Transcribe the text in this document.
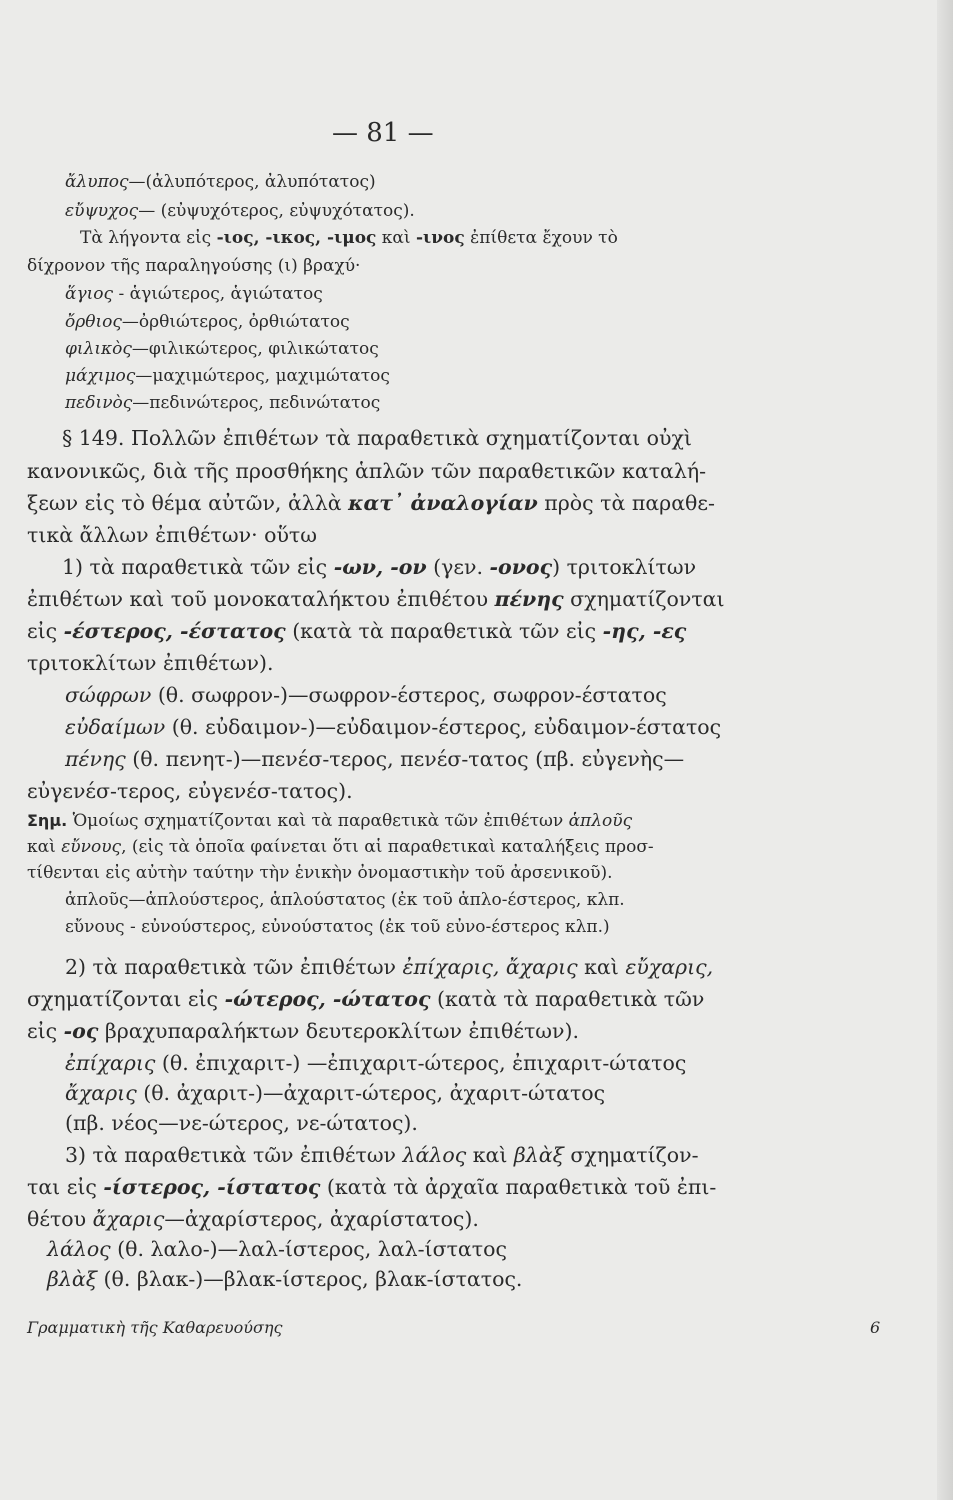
— 81 —
ἄλυπος—(ἀλυπότερος, ἀλυπότατος)
εὔψυχος— (εὐψυχότερος, εὐψυχότατος).
Τὰ λήγοντα εἰς -ιος, -ικος, -ιμος καὶ -ινος ἐπίθετα ἔχουν τὸ
δίχρονον τῆς παραληγούσης (ι) βραχύ·
ἅγιος - ἁγιώτερος, ἁγιώτατος
ὄρθιος—ὀρθιώτερος, ὀρθιώτατος
φιλικὸς—φιλικώτερος, φιλικώτατος
μάχιμος—μαχιμώτερος, μαχιμώτατος
πεδινὸς—πεδινώτερος, πεδινώτατος
§ 149. Πολλῶν ἐπιθέτων τὰ παραθετικὰ σχηματίζονται οὐχὶ
κανονικῶς, διὰ τῆς προσθήκης ἁπλῶν τῶν παραθετικῶν καταλή-
ξεων εἰς τὸ θέμα αὐτῶν, ἀλλὰ κατ᾽ ἀναλογίαν πρὸς τὰ παραθε-
τικὰ ἄλλων ἐπιθέτων· οὕτω
1) τὰ παραθετικὰ τῶν εἰς -ων, -ον (γεν. -ονος) τριτοκλίτων
ἐπιθέτων καὶ τοῦ μονοκαταλήκτου ἐπιθέτου πένης σχηματίζονται
εἰς -έστερος, -έστατος (κατὰ τὰ παραθετικὰ τῶν εἰς -ης, -ες
τριτοκλίτων ἐπιθέτων).
σώφρων (θ. σωφρον-)—σωφρον-έστερος, σωφρον-έστατος
εὐδαίμων (θ. εὐδαιμον-)—εὐδαιμον-έστερος, εὐδαιμον-έστατος
πένης (θ. πενητ-)—πενέσ-τερος, πενέσ-τατος (πβ. εὐγενὴς—
εὐγενέσ-τερος, εὐγενέσ-τατος).
Σημ. Ὁμοίως σχηματίζονται καὶ τὰ παραθετικὰ τῶν ἐπιθέτων ἁπλοῦς
καὶ εὔνους, (εἰς τὰ ὁποῖα φαίνεται ὅτι αἱ παραθετικαὶ καταλήξεις προσ-
τίθενται εἰς αὐτὴν ταύτην τὴν ἑνικὴν ὀνομαστικὴν τοῦ ἀρσενικοῦ).
ἁπλοῦς—ἁπλούστερος, ἁπλούστατος (ἐκ τοῦ ἁπλο-έστερος, κλπ.
εὔνους - εὐνούστερος, εὐνούστατος (ἐκ τοῦ εὐνο-έστερος κλπ.)
2) τὰ παραθετικὰ τῶν ἐπιθέτων ἐπίχαρις, ἄχαρις καὶ εὔχαρις,
σχηματίζονται εἰς -ώτερος, -ώτατος (κατὰ τὰ παραθετικὰ τῶν
εἰς -ος βραχυπαραλήκτων δευτεροκλίτων ἐπιθέτων).
ἐπίχαρις (θ. ἐπιχαριτ-) —ἐπιχαριτ-ώτερος, ἐπιχαριτ-ώτατος
ἄχαρις (θ. ἀχαριτ-)—ἀχαριτ-ώτερος, ἀχαριτ-ώτατος
(πβ. νέος—νε-ώτερος, νε-ώτατος).
3) τὰ παραθετικὰ τῶν ἐπιθέτων λάλος καὶ βλὰξ σχηματίζον-
ται εἰς -ίστερος, -ίστατος (κατὰ τὰ ἀρχαῖα παραθετικὰ τοῦ ἐπι-
θέτου ἄχαρις—ἀχαρίστερος, ἀχαρίστατος).
λάλος (θ. λαλο-)—λαλ-ίστερος, λαλ-ίστατος
βλὰξ (θ. βλακ-)—βλακ-ίστερος, βλακ-ίστατος.
Γραμματικὴ τῆς Καθαρευούσης	6
